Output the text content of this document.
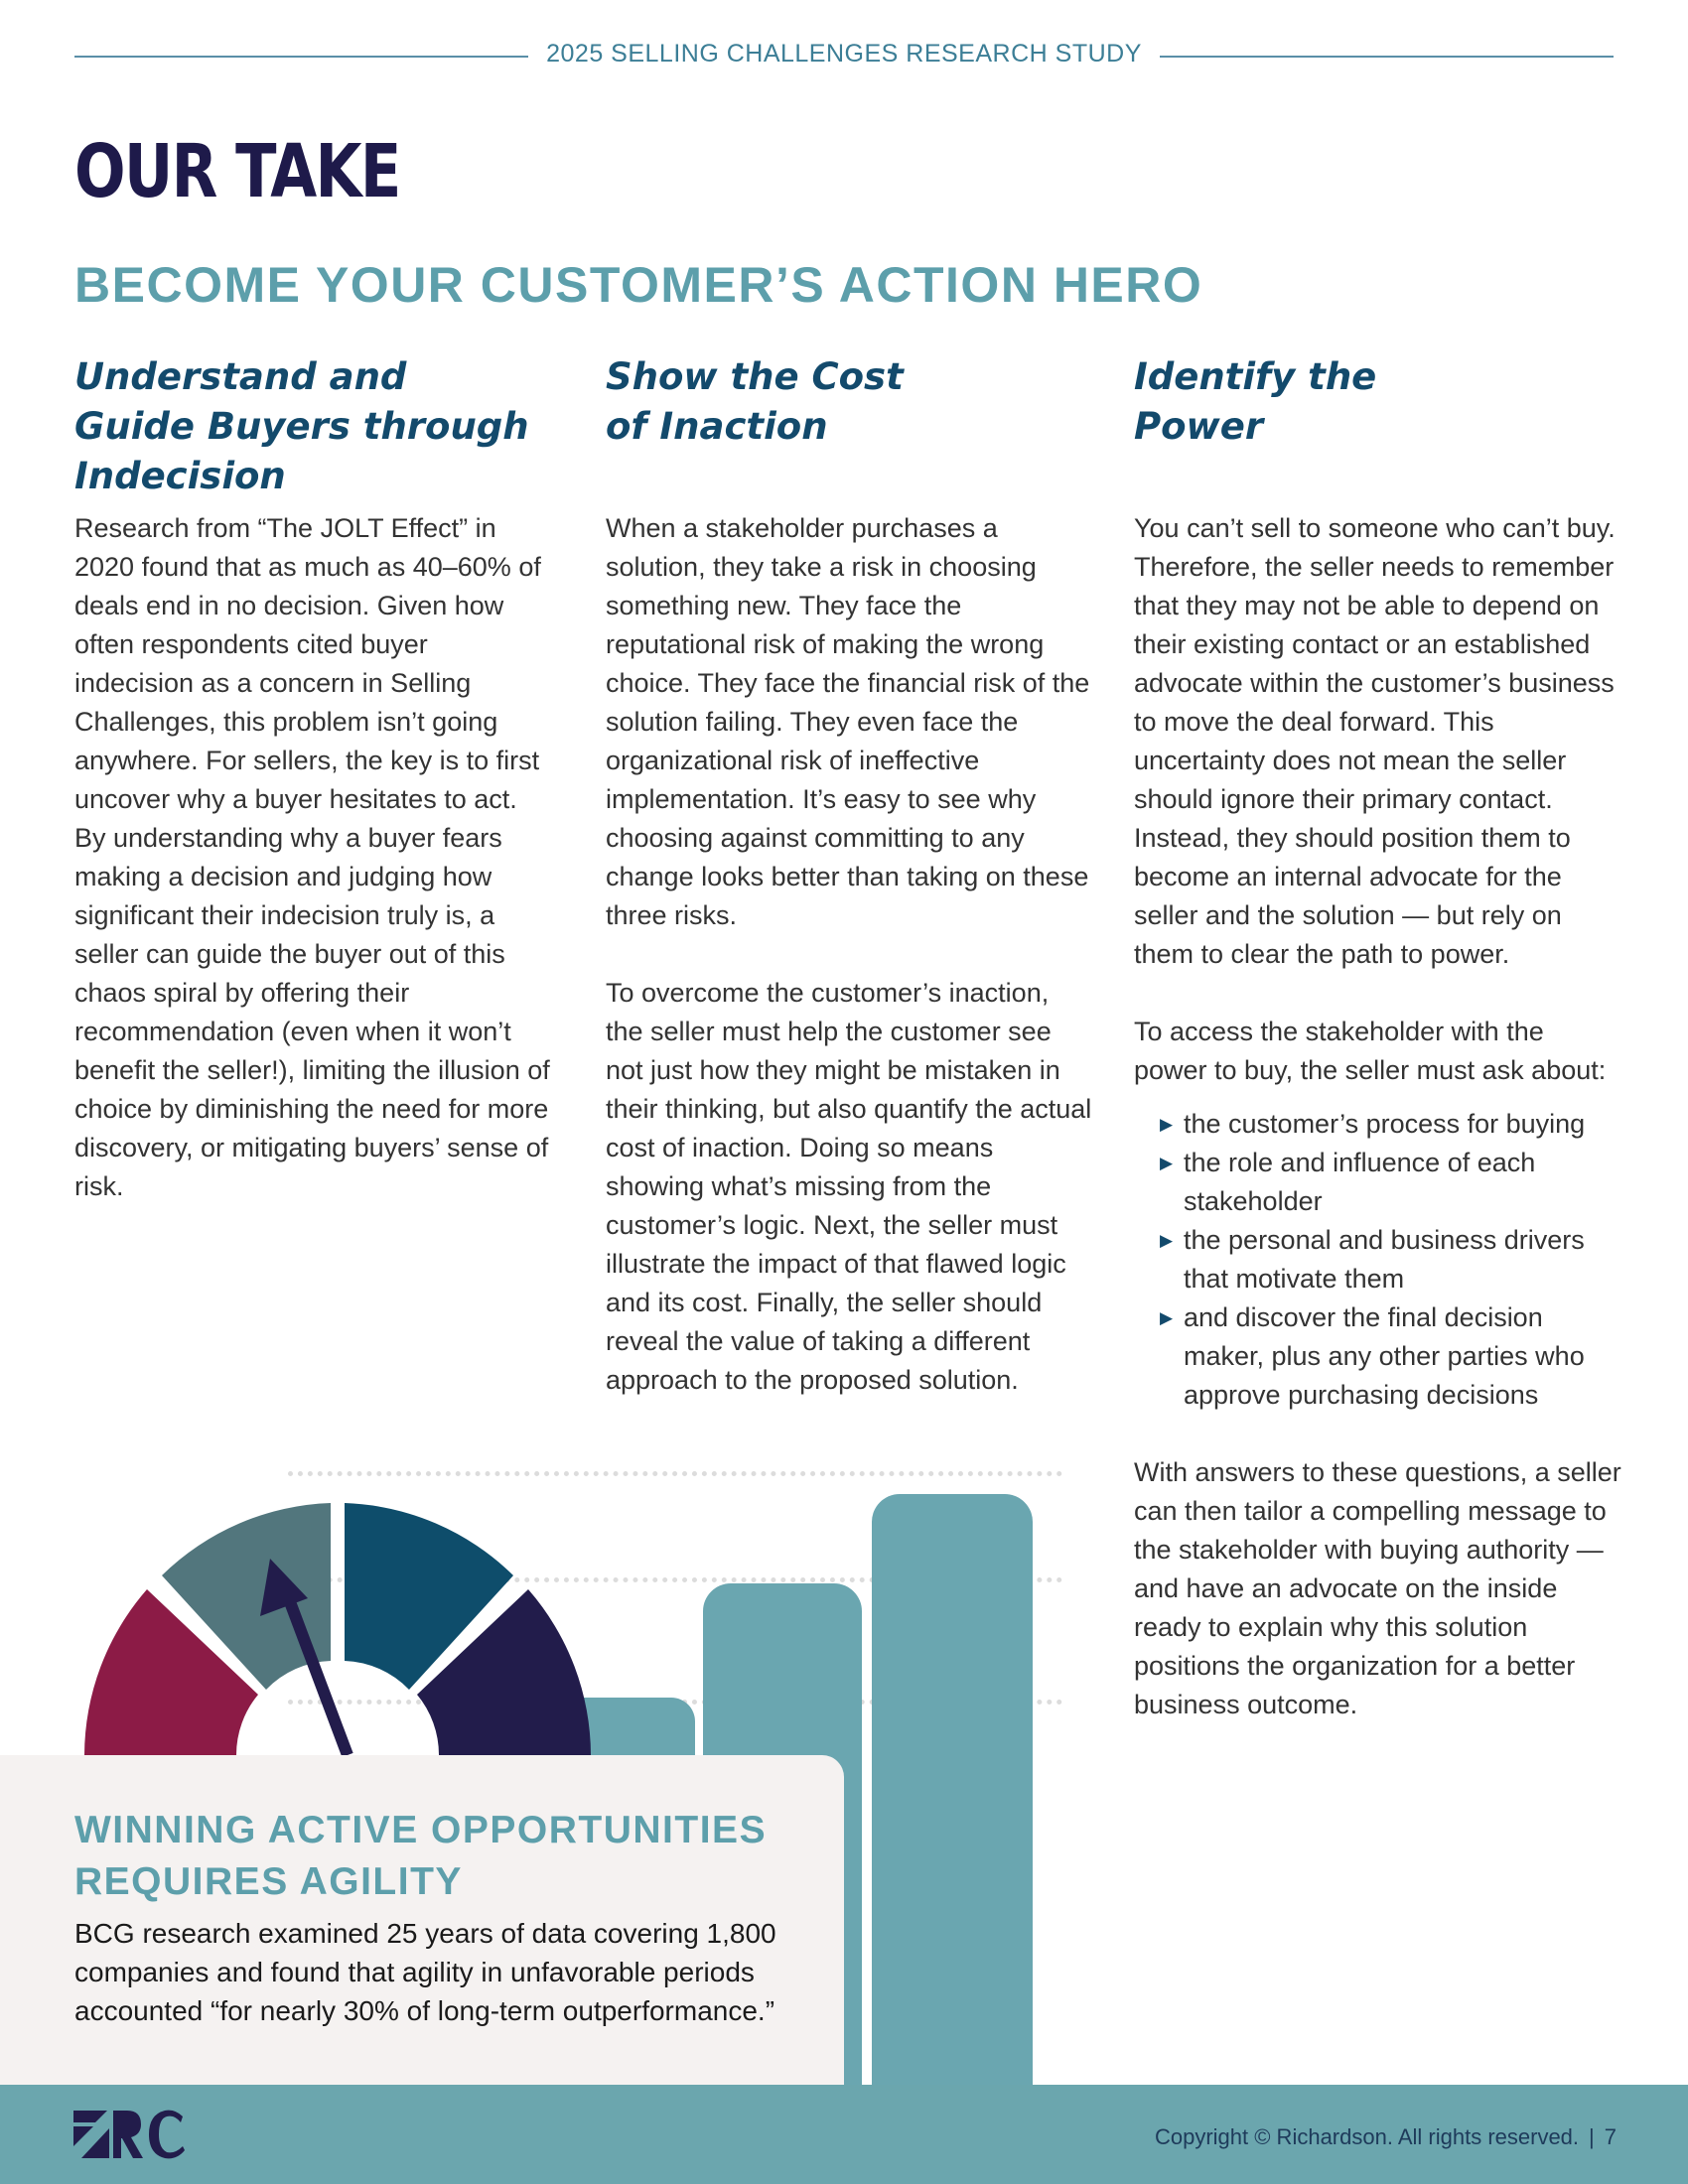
2025 SELLING CHALLENGES RESEARCH STUDY
OUR TAKE
BECOME YOUR CUSTOMER’S ACTION HERO
Understand and
Guide Buyers through
Indecision

Research from “The JOLT Effect” in 2020 found that as much as 40–60% of deals end in no decision. Given how often respondents cited buyer indecision as a concern in Selling Challenges, this problem isn’t going anywhere. For sellers, the key is to first uncover why a buyer hesitates to act. By understanding why a buyer fears making a decision and judging how significant their indecision truly is, a seller can guide the buyer out of this chaos spiral by offering their recommendation (even when it won’t benefit the seller!), limiting the illusion of choice by diminishing the need for more discovery, or mitigating buyers’ sense of risk.

Show the Cost
of Inaction

When a stakeholder purchases a solution, they take a risk in choosing something new. They face the reputational risk of making the wrong choice. They face the financial risk of the solution failing. They even face the organizational risk of ineffective implementation. It’s easy to see why choosing against committing to any change looks better than taking on these three risks.

To overcome the customer’s inaction, the seller must help the customer see not just how they might be mistaken in their thinking, but also quantify the actual cost of inaction. Doing so means showing what’s missing from the customer’s logic. Next, the seller must illustrate the impact of that flawed logic and its cost. Finally, the seller should reveal the value of taking a different approach to the proposed solution.

Identify the
Power

You can’t sell to someone who can’t buy. Therefore, the seller needs to remember that they may not be able to depend on their existing contact or an established advocate within the customer’s business to move the deal forward. This uncertainty does not mean the seller should ignore their primary contact. Instead, they should position them to become an internal advocate for the seller and the solution — but rely on them to clear the path to power.

To access the stakeholder with the power to buy, the seller must ask about:

▶ the customer’s process for buying
▶ the role and influence of each stakeholder
▶ the personal and business drivers that motivate them
▶ and discover the final decision maker, plus any other parties who approve purchasing decisions

With answers to these questions, a seller can then tailor a compelling message to the stakeholder with buying authority — and have an advocate on the inside ready to explain why this solution positions the organization for a better business outcome.

WINNING ACTIVE OPPORTUNITIES
REQUIRES AGILITY

BCG research examined 25 years of data covering 1,800 companies and found that agility in unfavorable periods accounted “for nearly 30% of long-term outperformance.”

Copyright © Richardson. All rights reserved. | 7
